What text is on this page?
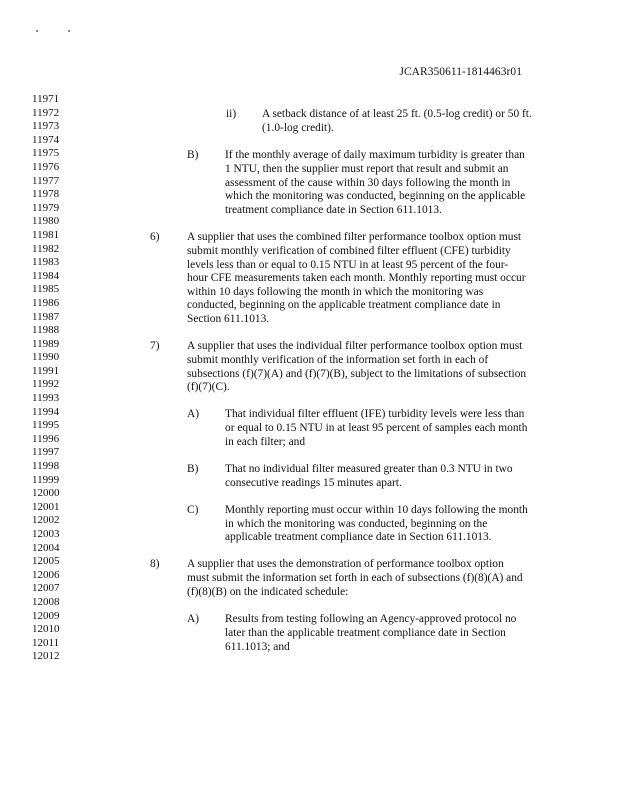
JCAR350611-1814463r01
11971
11972
11973
11974
11975
11976
11977
11978
11979
11980
11981
11982
11983
11984
11985
11986
11987
11988
11989
11990
11991
11992
11993
11994
11995
11996
11997
11998
11999
12000
12001
12002
12003
12004
12005
12006
12007
12008
12009
12010
12011
12012
ii) A setback distance of at least 25 ft. (0.5-log credit) or 50 ft.
(1.0-log credit).
B) If the monthly average of daily maximum turbidity is greater than
1 NTU, then the supplier must report that result and submit an
assessment of the cause within 30 days following the month in
which the monitoring was conducted, beginning on the applicable
treatment compliance date in Section 611.1013.
6) A supplier that uses the combined filter performance toolbox option must
submit monthly verification of combined filter effluent (CFE) turbidity
levels less than or equal to 0.15 NTU in at least 95 percent of the four-
hour CFE measurements taken each month. Monthly reporting must occur
within 10 days following the month in which the monitoring was
conducted, beginning on the applicable treatment compliance date in
Section 611.1013.
7) A supplier that uses the individual filter performance toolbox option must
submit monthly verification of the information set forth in each of
subsections (f)(7)(A) and (f)(7)(B), subject to the limitations of subsection
(f)(7)(C).
A) That individual filter effluent (IFE) turbidity levels were less than
or equal to 0.15 NTU in at least 95 percent of samples each month
in each filter; and
B) That no individual filter measured greater than 0.3 NTU in two
consecutive readings 15 minutes apart.
C) Monthly reporting must occur within 10 days following the month
in which the monitoring was conducted, beginning on the
applicable treatment compliance date in Section 611.1013.
8) A supplier that uses the demonstration of performance toolbox option
must submit the information set forth in each of subsections (f)(8)(A) and
(f)(8)(B) on the indicated schedule:
A) Results from testing following an Agency-approved protocol no
later than the applicable treatment compliance date in Section
611.1013; and
